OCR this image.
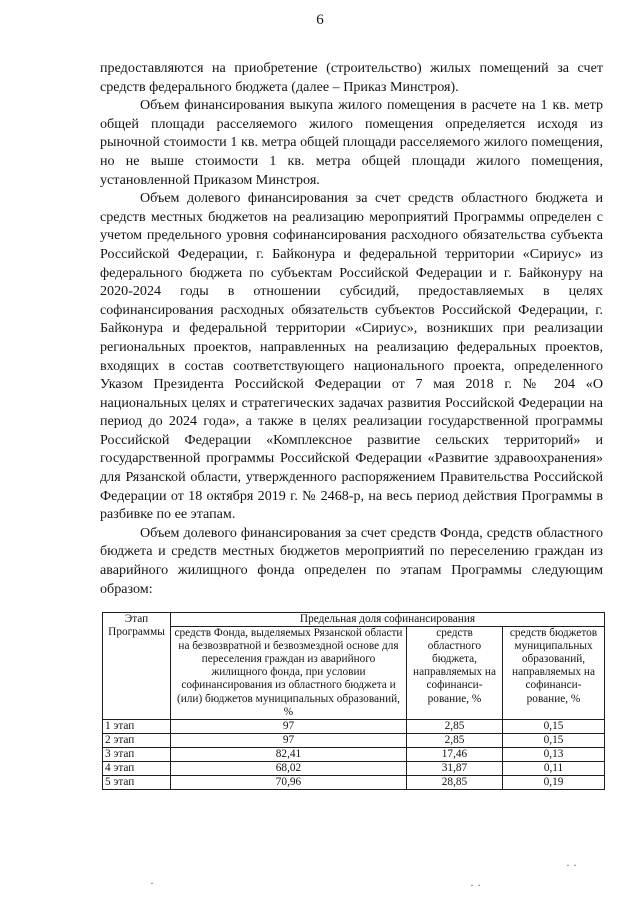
6

предоставляются на приобретение (строительство) жилых помещений за счет средств федерального бюджета (далее – Приказ Минстроя).

Объем финансирования выкупа жилого помещения в расчете на 1 кв. метр общей площади расселяемого жилого помещения определяется исходя из рыночной стоимости 1 кв. метра общей площади расселяемого жилого помещения, но не выше стоимости 1 кв. метра общей площади жилого помещения, установленной Приказом Минстроя.

Объем долевого финансирования за счет средств областного бюджета и средств местных бюджетов на реализацию мероприятий Программы определен с учетом предельного уровня софинансирования расходного обязательства субъекта Российской Федерации, г. Байконура и федеральной территории «Сириус» из федерального бюджета по субъектам Российской Федерации и г. Байконуру на 2020-2024 годы в отношении субсидий, предоставляемых в целях софинансирования расходных обязательств субъектов Российской Федерации, г. Байконура и федеральной территории «Сириус», возникших при реализации региональных проектов, направленных на реализацию федеральных проектов, входящих в состав соответствующего национального проекта, определенного Указом Президента Российской Федерации от 7 мая 2018 г. № 204 «О национальных целях и стратегических задачах развития Российской Федерации на период до 2024 года», а также в целях реализации государственной программы Российской Федерации «Комплексное развитие сельских территорий» и государственной программы Российской Федерации «Развитие здравоохранения» для Рязанской области, утвержденного распоряжением Правительства Российской Федерации от 18 октября 2019 г. № 2468-р, на весь период действия Программы в разбивке по ее этапам.

Объем долевого финансирования за счет средств Фонда, средств областного бюджета и средств местных бюджетов мероприятий по переселению граждан из аварийного жилищного фонда определен по этапам Программы следующим образом:

Этап Программы	Предельная доля софинансирования		
	средств Фонда, выделяемых Рязанской области на безвозвратной и безвозмездной основе для переселения граждан из аварийного жилищного фонда, при условии софинансирования из областного бюджета и (или) бюджетов муниципальных образований, %	средств областного бюджета, направляемых на софинанси-рование, %	средств бюджетов муниципальных образований, направляемых на софинанси-рование, %
1 этап	97	2,85	0,15
2 этап	97	2,85	0,15
3 этап	82,41	17,46	0,13
4 этап	68,02	31,87	0,11
5 этап	70,96	28,85	0,19
· ·
·	· ·
